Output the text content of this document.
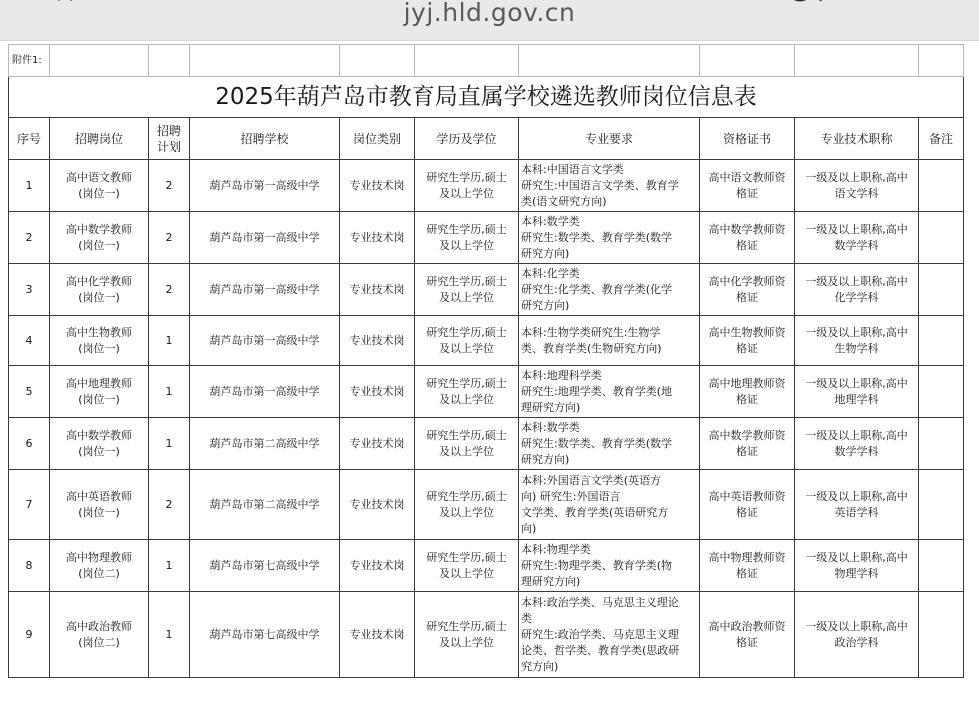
jyj.hld.gov.cn
附件1:									
2025年葫芦岛市教育局直属学校遴选教师岗位信息表									
序号	招聘岗位	招聘
计划	招聘学校	岗位类别	学历及学位	专业要求	资格证书	专业技术职称	备注
1	高中语文教师
(岗位一)	2	葫芦岛市第一高级中学	专业技术岗	研究生学历,硕士
及以上学位	本科:中国语言文学类
研究生:中国语言文学类、教育学
类(语文研究方向)	高中语文教师资
格证	一级及以上职称,高中
语文学科	

2	高中数学教师
(岗位一)	2	葫芦岛市第一高级中学	专业技术岗	研究生学历,硕士
及以上学位	本科:数学类
研究生:数学类、教育学类(数学
研究方向)	高中数学教师资
格证	一级及以上职称,高中
数学学科	

3	高中化学教师
(岗位一)	2	葫芦岛市第一高级中学	专业技术岗	研究生学历,硕士
及以上学位	本科:化学类
研究生:化学类、教育学类(化学
研究方向)	高中化学教师资
格证	一级及以上职称,高中
化学学科	

4	高中生物教师
(岗位一)	1	葫芦岛市第一高级中学	专业技术岗	研究生学历,硕士
及以上学位	本科:生物学类研究生:生物学
类、教育学类(生物研究方向)	高中生物教师资
格证	一级及以上职称,高中
生物学科	

5	高中地理教师
(岗位一)	1	葫芦岛市第一高级中学	专业技术岗	研究生学历,硕士
及以上学位	本科:地理科学类
研究生:地理学类、教育学类(地
理研究方向)	高中地理教师资
格证	一级及以上职称,高中
地理学科	

6	高中数学教师
(岗位一)	1	葫芦岛市第二高级中学	专业技术岗	研究生学历,硕士
及以上学位	本科:数学类
研究生:数学类、教育学类(数学
研究方向)	高中数学教师资
格证	一级及以上职称,高中
数学学科	

7	高中英语教师
(岗位一)	2	葫芦岛市第二高级中学	专业技术岗	研究生学历,硕士
及以上学位	本科:外国语言文学类(英语方
向) 研究生:外国语言
文学类、教育学类(英语研究方
向)	高中英语教师资
格证	一级及以上职称,高中
英语学科	

8	高中物理教师
(岗位二)	1	葫芦岛市第七高级中学	专业技术岗	研究生学历,硕士
及以上学位	本科:物理学类
研究生:物理学类、教育学类(物
理研究方向)	高中物理教师资
格证	一级及以上职称,高中
物理学科	

9	高中政治教师
(岗位二)	1	葫芦岛市第七高级中学	专业技术岗	研究生学历,硕士
及以上学位	本科:政治学类、马克思主义理论
类
研究生:政治学类、马克思主义理
论类、哲学类、教育学类(思政研
究方向)	高中政治教师资
格证	一级及以上职称,高中
政治学科	
